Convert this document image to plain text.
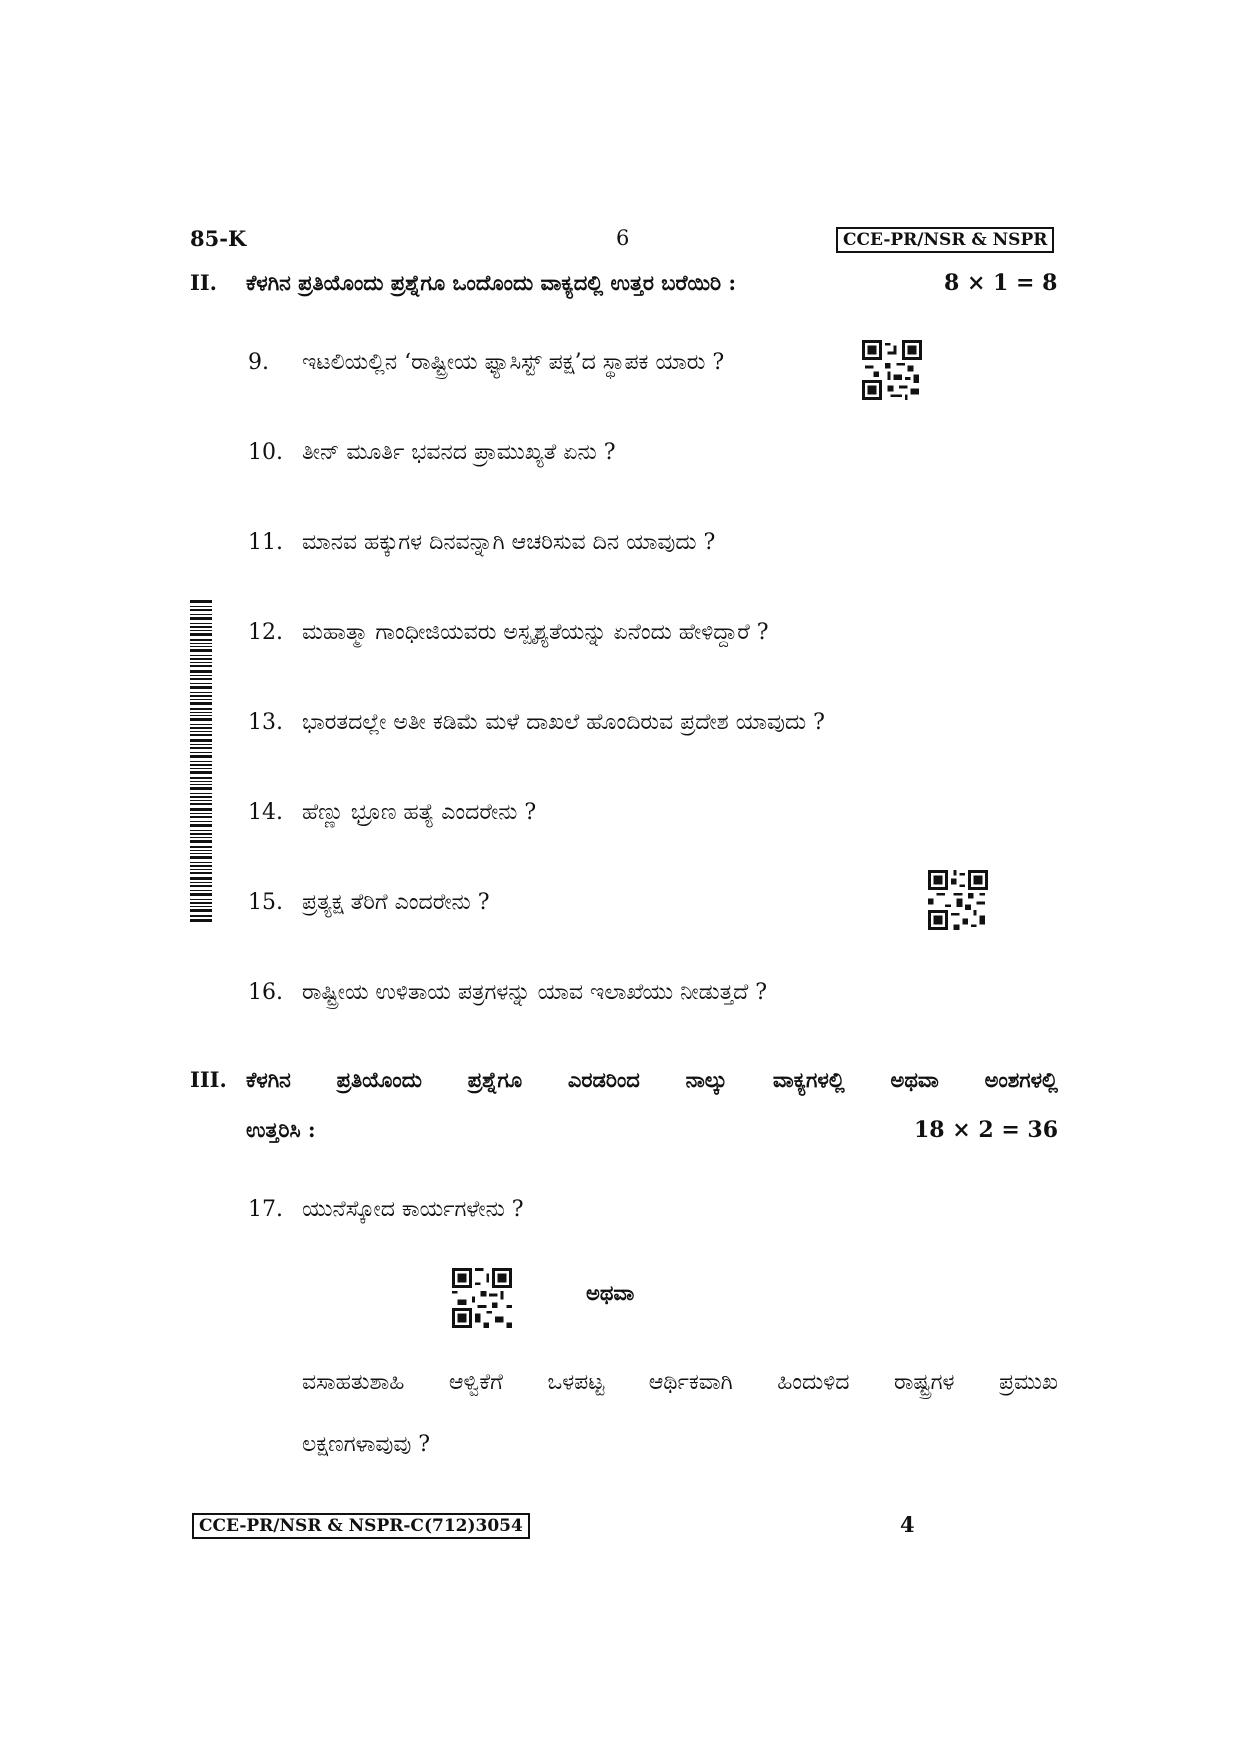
85-K	6	CCE-PR/NSR & NSPR
II. ಕೆಳಗಿನ ಪ್ರತಿಯೊಂದು ಪ್ರಶ್ನೆಗೂ ಒಂದೊಂದು ವಾಕ್ಯದಲ್ಲಿ ಉತ್ತರ ಬರೆಯಿರಿ :	8 × 1 = 8
9. ಇಟಲಿಯಲ್ಲಿನ ‘ರಾಷ್ಟ್ರೀಯ ಫ್ಯಾಸಿಸ್ಟ್ ಪಕ್ಷ’ದ ಸ್ಥಾಪಕ ಯಾರು ?
10. ತೀನ್ ಮೂರ್ತಿ ಭವನದ ಪ್ರಾಮುಖ್ಯತೆ ಏನು ?
11. ಮಾನವ ಹಕ್ಕುಗಳ ದಿನವನ್ನಾಗಿ ಆಚರಿಸುವ ದಿನ ಯಾವುದು ?
12. ಮಹಾತ್ಮಾ ಗಾಂಧೀಜಿಯವರು ಅಸ್ಪೃಶ್ಯತೆಯನ್ನು ಏನೆಂದು ಹೇಳಿದ್ದಾರೆ ?
13. ಭಾರತದಲ್ಲೇ ಅತೀ ಕಡಿಮೆ ಮಳೆ ದಾಖಲೆ ಹೊಂದಿರುವ ಪ್ರದೇಶ ಯಾವುದು ?
14. ಹೆಣ್ಣು ಭ್ರೂಣ ಹತ್ಯೆ ಎಂದರೇನು ?
15. ಪ್ರತ್ಯಕ್ಷ ತೆರಿಗೆ ಎಂದರೇನು ?
16. ರಾಷ್ಟ್ರೀಯ ಉಳಿತಾಯ ಪತ್ರಗಳನ್ನು ಯಾವ ಇಲಾಖೆಯು ನೀಡುತ್ತದೆ ?
III. ಕೆಳಗಿನ ಪ್ರತಿಯೊಂದು ಪ್ರಶ್ನೆಗೂ ಎರಡರಿಂದ ನಾಲ್ಕು ವಾಕ್ಯಗಳಲ್ಲಿ ಅಥವಾ ಅಂಶಗಳಲ್ಲಿ
ಉತ್ತರಿಸಿ :	18 × 2 = 36
17. ಯುನೆಸ್ಕೋದ ಕಾರ್ಯಗಳೇನು ?
ಅಥವಾ
ವಸಾಹತುಶಾಹಿ ಆಳ್ವಿಕೆಗೆ ಒಳಪಟ್ಟ ಆರ್ಥಿಕವಾಗಿ ಹಿಂದುಳಿದ ರಾಷ್ಟ್ರಗಳ ಪ್ರಮುಖ
ಲಕ್ಷಣಗಳಾವುವು ?
CCE-PR/NSR & NSPR-C(712)3054	4
